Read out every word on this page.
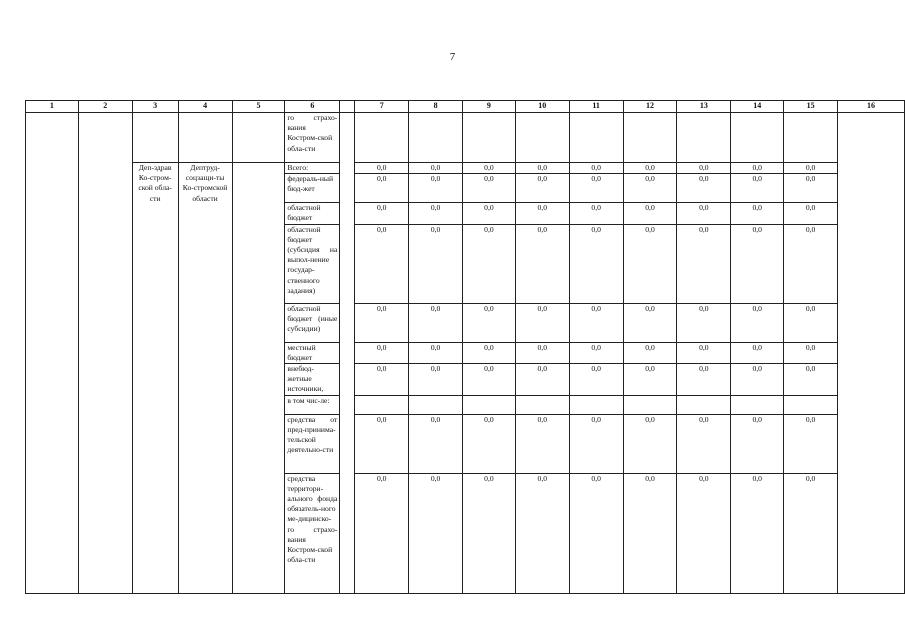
7
1	2	3	4	5	6		7	8	9	10	11	12	13	14	15	16
					го страхо-вания Костром-ской обла-сти											
		Деп-здрав Ко-стром-ской обла-сти	Дептруд-соцзащи-ты Ко-стромской области		Всего:		0,0	0,0	0,0	0,0	0,0	0,0	0,0	0,0	0,0	
					федераль-ный бюд-жет		0,0	0,0	0,0	0,0	0,0	0,0	0,0	0,0	0,0	
					областной бюджет		0,0	0,0	0,0	0,0	0,0	0,0	0,0	0,0	0,0	
					областной бюджет (субсидия на выпол-нение государ-ственного задания)		0,0	0,0	0,0	0,0	0,0	0,0	0,0	0,0	0,0	
					областной бюджет (иные субсидии)		0,0	0,0	0,0	0,0	0,0	0,0	0,0	0,0	0,0	
					местный бюджет		0,0	0,0	0,0	0,0	0,0	0,0	0,0	0,0	0,0	
					внебюд-жетные источники,		0,0	0,0	0,0	0,0	0,0	0,0	0,0	0,0	0,0	
					в том чис-ле:											
					средства от пред-принима-тельской деятельно-сти		0,0	0,0	0,0	0,0	0,0	0,0	0,0	0,0	0,0	
					средства территори-ального фонда обязатель-ного ме-дицинско-го страхо-вания Костром-ской обла-сти		0,0	0,0	0,0	0,0	0,0	0,0	0,0	0,0	0,0	
